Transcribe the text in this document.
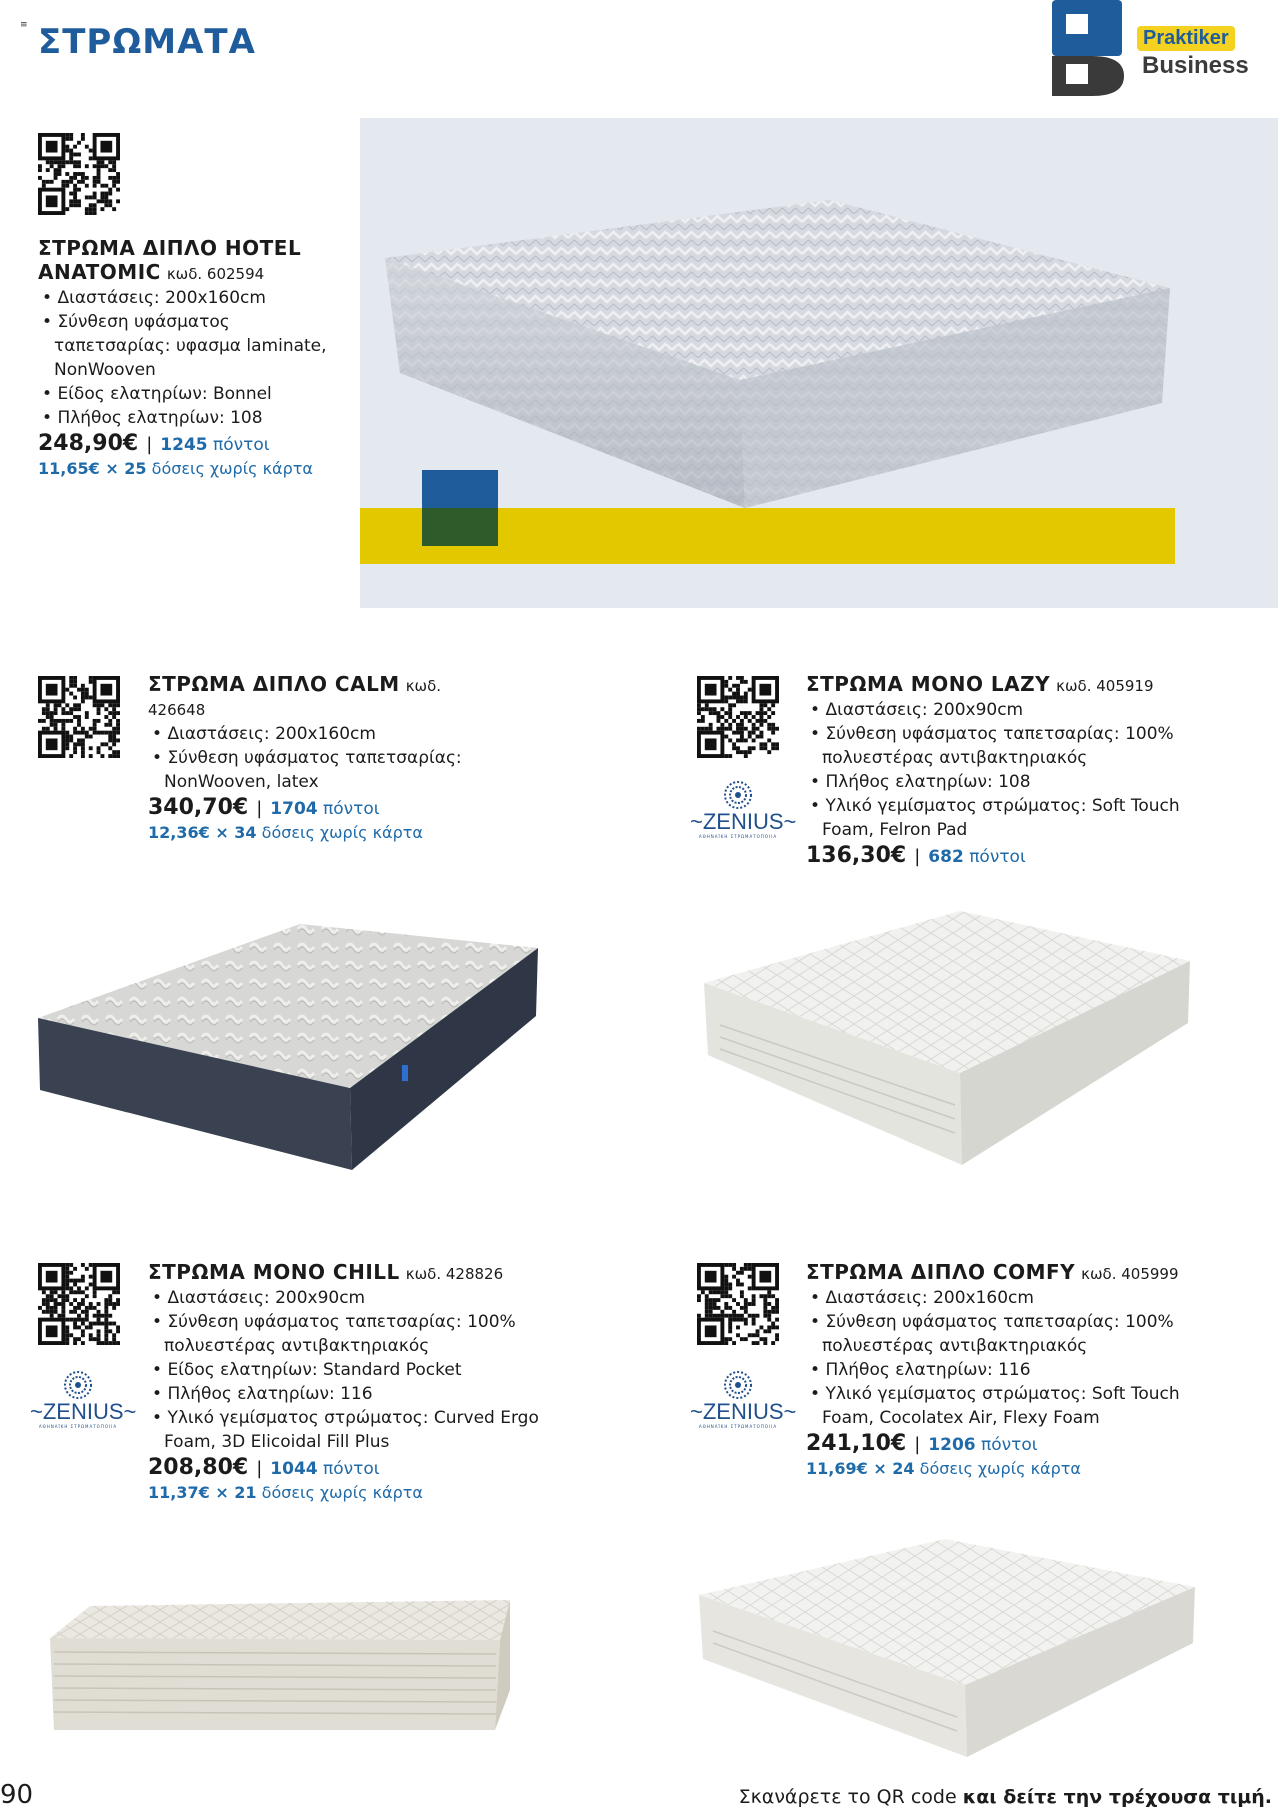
≡ ΣΤΡΩΜΑΤΑ	Praktiker
Business
ΣΤΡΩΜΑ ΔΙΠΛΟ HOTEL
ANATOMIC κωδ. 602594
• Διαστάσεις: 200x160cm
• Σύνθεση υφάσματος ταπετσαρίας: υφασμα laminate, NonWooven
• Είδος ελατηρίων: Bonnel
• Πλήθος ελατηρίων: 108
248,90€ | 1245 πόντοι
11,65€ × 25 δόσεις χωρίς κάρτα
ΣΤΡΩΜΑ ΔΙΠΛΟ CALM κωδ. 426648
• Διαστάσεις: 200x160cm
• Σύνθεση υφάσματος ταπετσαρίας: NonWooven, latex
340,70€ | 1704 πόντοι
12,36€ × 34 δόσεις χωρίς κάρτα	~ZENIUS~
ΑΘΗΝΑΪΚΗ ΣΤΡΩΜΑΤΟΠΟΙΙΑ
ΣΤΡΩΜΑ MONO LAZY κωδ. 405919
• Διαστάσεις: 200x90cm
• Σύνθεση υφάσματος ταπετσαρίας: 100% πολυεστέρας αντιβακτηριακός
• Πλήθος ελατηρίων: 108
• Υλικό γεμίσματος στρώματος: Soft Touch Foam, Felron Pad
136,30€ | 682 πόντοι
~ZENIUS~
ΑΘΗΝΑΪΚΗ ΣΤΡΩΜΑΤΟΠΟΙΙΑ
ΣΤΡΩΜΑ MONO CHILL κωδ. 428826
• Διαστάσεις: 200x90cm
• Σύνθεση υφάσματος ταπετσαρίας: 100% πολυεστέρας αντιβακτηριακός
• Είδος ελατηρίων: Standard Pocket
• Πλήθος ελατηρίων: 116
• Υλικό γεμίσματος στρώματος: Curved Ergo Foam, 3D Elicoidal Fill Plus
208,80€ | 1044 πόντοι
11,37€ × 21 δόσεις χωρίς κάρτα
~ZENIUS~
ΑΘΗΝΑΪΚΗ ΣΤΡΩΜΑΤΟΠΟΙΙΑ
ΣΤΡΩΜΑ ΔΙΠΛΟ COMFY κωδ. 405999
• Διαστάσεις: 200x160cm
• Σύνθεση υφάσματος ταπετσαρίας: 100% πολυεστέρας αντιβακτηριακός
• Πλήθος ελατηρίων: 116
• Υλικό γεμίσματος στρώματος: Soft Touch Foam, Cocolatex Air, Flexy Foam
241,10€ | 1206 πόντοι
11,69€ × 24 δόσεις χωρίς κάρτα
90	Σκανάρετε το QR code και δείτε την τρέχουσα τιμή.
